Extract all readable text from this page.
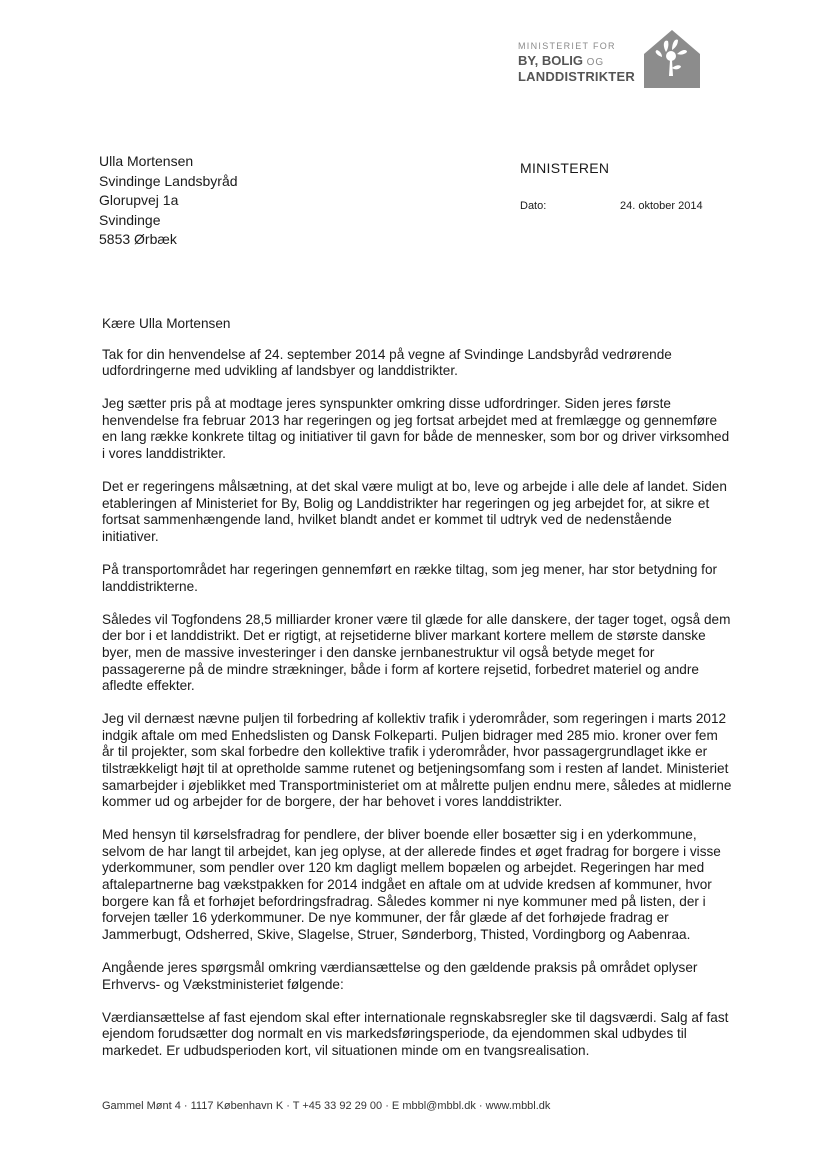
MINISTERIET FOR
BY, BOLIG OG
LANDDISTRIKTER
Ulla Mortensen
Svindinge Landsbyråd
Glorupvej 1a
Svindinge
5853 Ørbæk
MINISTEREN
Dato:	24. oktober 2014

Kære Ulla Mortensen

Tak for din henvendelse af 24. september 2014 på vegne af Svindinge Landsbyråd vedrørende udfordringerne med udvikling af landsbyer og landdistrikter.

Jeg sætter pris på at modtage jeres synspunkter omkring disse udfordringer. Siden jeres første henvendelse fra februar 2013 har regeringen og jeg fortsat arbejdet med at fremlægge og gennemføre en lang række konkrete tiltag og initiativer til gavn for både de mennesker, som bor og driver virksomhed i vores landdistrikter.

Det er regeringens målsætning, at det skal være muligt at bo, leve og arbejde i alle dele af landet. Siden etableringen af Ministeriet for By, Bolig og Landdistrikter har regeringen og jeg arbejdet for, at sikre et fortsat sammenhængende land, hvilket blandt andet er kommet til udtryk ved de nedenstående initiativer.

På transportområdet har regeringen gennemført en række tiltag, som jeg mener, har stor betydning for landdistrikterne.

Således vil Togfondens 28,5 milliarder kroner være til glæde for alle danskere, der tager toget, også dem der bor i et landdistrikt. Det er rigtigt, at rejsetiderne bliver markant kortere mellem de største danske byer, men de massive investeringer i den danske jernbanestruktur vil også betyde meget for passagererne på de mindre strækninger, både i form af kortere rejsetid, forbedret materiel og andre afledte effekter.

Jeg vil dernæst nævne puljen til forbedring af kollektiv trafik i yderområder, som regeringen i marts 2012 indgik aftale om med Enhedslisten og Dansk Folkeparti. Puljen bidrager med 285 mio. kroner over fem år til projekter, som skal forbedre den kollektive trafik i yderområder, hvor passagergrundlaget ikke er tilstrækkeligt højt til at opretholde samme rutenet og betjeningsomfang som i resten af landet. Ministeriet samarbejder i øjeblikket med Transportministeriet om at målrette puljen endnu mere, således at midlerne kommer ud og arbejder for de borgere, der har behovet i vores landdistrikter.

Med hensyn til kørselsfradrag for pendlere, der bliver boende eller bosætter sig i en yderkommune, selvom de har langt til arbejdet, kan jeg oplyse, at der allerede findes et øget fradrag for borgere i visse yderkommuner, som pendler over 120 km dagligt mellem bopælen og arbejdet. Regeringen har med aftalepartnerne bag vækstpakken for 2014 indgået en aftale om at udvide kredsen af kommuner, hvor borgere kan få et forhøjet befordringsfradrag. Således kommer ni nye kommuner med på listen, der i forvejen tæller 16 yderkommuner. De nye kommuner, der får glæde af det forhøjede fradrag er Jammerbugt, Odsherred, Skive, Slagelse, Struer, Sønderborg, Thisted, Vordingborg og Aabenraa.

Angående jeres spørgsmål omkring værdiansættelse og den gældende praksis på området oplyser Erhvervs- og Vækstministeriet følgende:

Værdiansættelse af fast ejendom skal efter internationale regnskabsregler ske til dagsværdi. Salg af fast ejendom forudsætter dog normalt en vis markedsføringsperiode, da ejendommen skal udbydes til markedet. Er udbudsperioden kort, vil situationen minde om en tvangsrealisation.

Gammel Mønt 4 · 1117 København K · T +45 33 92 29 00 · E mbbl@mbbl.dk · www.mbbl.dk
